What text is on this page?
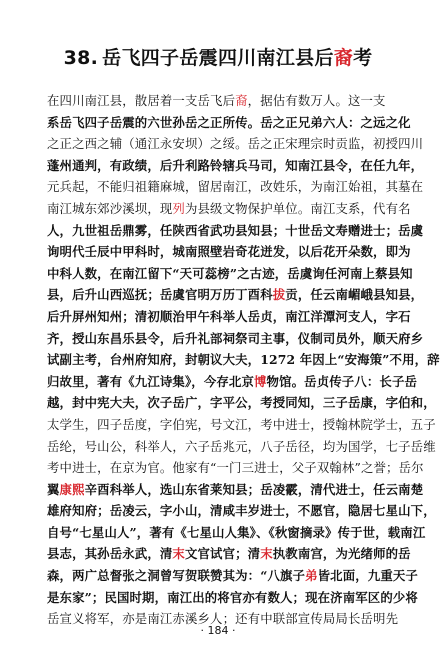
38. 岳飞四子岳震四川南江县后裔考
在四川南江县，散居着一支岳飞后裔，据估有数万人。这一支
系岳飞四子岳震的六世孙岳之正所传。岳之正兄弟六人：之远之化
之正之西之辅（通江永安坝）之绥。岳之正宋理宗时贡监，初授四川
蓬州通判，有政绩，后升利路铃辖兵马司，知南江县令，在任九年，
元兵起，不能归祖籍麻城，留居南江，改姓乐，为南江始祖，其墓在
南江城东郊沙溪坝，现列为县级文物保护单位。南江支系，代有名
人，九世祖岳鼎雾，任陕西省武功县知县；十世岳文寿赠进士；岳虞
询明代壬辰中甲科时，城南照壁岩奇花迸发，以后花开朵数，即为
中科人数，在南江留下“天可蕊榜”之古迹，岳虞询任河南上蔡县知
县，后升山西巡抚；岳虞官明万历丁酉科拔贡，任云南嵋峨县知县，
后升屏州知州；清初顺治甲午科举人岳贞，南江洋潭河支人，字石
齐，授山东昌乐县令，后升礼部祠祭司主事，仪制司员外，顺天府乡
试副主考，台州府知府，封朝议大夫，1272 年因上“安海策”不用，辞
归故里，著有《九江诗集》，今存北京博物馆。岳贞传子八：长子岳
越，封中宪大夫，次子岳广，字平公，考授同知，三子岳康，字伯和，
太学生，四子岳度，字伯宪，号文江，考中进士，授翰林院学士，五子
岳纶，号山公，科举人，六子岳兆元，八子岳径，均为国学，七子岳维
考中进士，在京为官。他家有“一门三进士，父子双翰林”之誉；岳尔
翼康熙辛酉科举人，选山东省莱知县；岳凌霰，清代进士，任云南楚
雄府知府；岳凌云，字小山，清咸丰岁进士，不愿官，隐居七星山下，
自号“七星山人”，著有《七星山人集》、《秋窗摘录》传于世，载南江
县志，其孙岳永武，清末文官试官；清末执教南宫，为光绪师的岳
森，两广总督张之洞曾写贺联赞其为：“八旗子弟皆北面，九重天子
是东家”；民国时期，南江出的将官亦有数人；现在济南军区的少将
岳宣义将军，亦是南江赤溪乡人；还有中联部宣传局局长岳明先
· 184 ·
